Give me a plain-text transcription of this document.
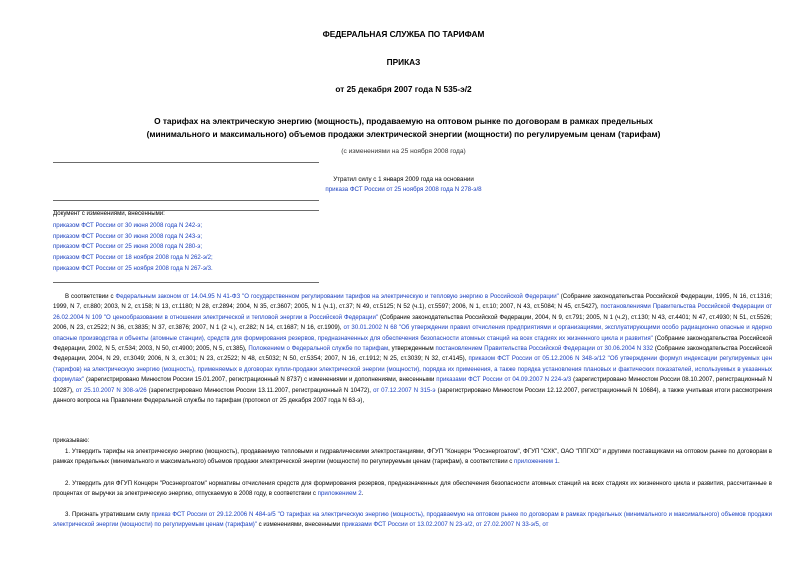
ФЕДЕРАЛЬНАЯ СЛУЖБА ПО ТАРИФАМ
ПРИКАЗ
от 25 декабря 2007 года N 535-э/2
О тарифах на электрическую энергию (мощность), продаваемую на оптовом рынке по договорам в рамках предельных
(минимального и максимального) объемов продажи электрической энергии (мощности) по регулируемым ценам (тарифам)
(с изменениями на 25 ноября 2008 года)
Утратил силу с 1 января 2009 года на основании
приказа ФСТ России от 25 ноября 2008 года N 278-э/8
Документ с изменениями, внесенными:
приказом ФСТ России от 30 июня 2008 года N 242-э;
приказом ФСТ России от 30 июня 2008 года N 243-э;
приказом ФСТ России от 25 июня 2008 года N 280-э;
приказом ФСТ России от 18 ноября 2008 года N 262-э/2;
приказом ФСТ России от 25 ноября 2008 года N 267-э/3.
В соответствии с Федеральным законом от 14.04.95 N 41-ФЗ "О государственном регулировании тарифов на электрическую и тепловую энергию в Российской Федерации" (Собрание законодательства Российской Федерации, 1995, N 16, ст.1316; 1999, N 7, ст.880; 2003, N 2, ст.158; N 13, ст.1180; N 28, ст.2894; 2004, N 35, ст.3607; 2005, N 1 (ч.1), ст.37; N 49, ст.5125; N 52 (ч.1), ст.5597; 2006, N 1, ст.10; 2007, N 43, ст.5084; N 45, ст.5427), постановлениями Правительства Российской Федерации от 26.02.2004 N 109 "О ценообразовании в отношении электрической и тепловой энергии в Российской Федерации" (Собрание законодательства Российской Федерации, 2004, N 9, ст.791; 2005, N 1 (ч.2), ст.130; N 43, ст.4401; N 47, ст.4930; N 51, ст.5526; 2006, N 23, ст.2522; N 36, ст.3835; N 37, ст.3876; 2007, N 1 (2 ч.), ст.282; N 14, ст.1687; N 16, ст.1909), от 30.01.2002 N 68 "Об утверждении правил отчисления предприятиями и организациями, эксплуатирующими особо радиационно опасные и ядерно опасные производства и объекты (атомные станции), средств для формирования резервов, предназначенных для обеспечения безопасности атомных станций на всех стадиях их жизненного цикла и развития" (Собрание законодательства Российской Федерации, 2002, N 5, ст.534; 2003, N 50, ст.4900; 2005, N 5, ст.385), Положением о Федеральной службе по тарифам, утвержденным постановлением Правительства Российской Федерации от 30.06.2004 N 332 (Собрание законодательства Российской Федерации, 2004, N 29, ст.3049; 2006, N 3, ст.301; N 23, ст.2522; N 48, ст.5032; N 50, ст.5354; 2007, N 16, ст.1912; N 25, ст.3039; N 32, ст.4145), приказом ФСТ России от 05.12.2006 N 348-э/12 "Об утверждении формул индексации регулируемых цен (тарифов) на электрическую энергию (мощность), применяемых в договорах купли-продажи электрической энергии (мощности), порядка их применения, а также порядка установления плановых и фактических показателей, используемых в указанных формулах" (зарегистрировано Минюстом России 15.01.2007, регистрационный N 8737) с изменениями и дополнениями, внесенными приказами ФСТ России от 04.09.2007 N 224-э/3 (зарегистрировано Минюстом России 08.10.2007, регистрационный N 10287), от 25.10.2007 N 308-э/26 (зарегистрировано Минюстом России 13.11.2007, регистрационный N 10472), от 07.12.2007 N 315-э (зарегистрировано Минюстом России 12.12.2007, регистрационный N 10684), а также учитывая итоги рассмотрения данного вопроса на Правлении Федеральной службы по тарифам (протокол от 25 декабря 2007 года N 63-э),
приказываю:
1. Утвердить тарифы на электрическую энергию (мощность), продаваемую тепловыми и гидравлическими электростанциями, ФГУП "Концерн "Росэнергоатом", ФГУП "СХК", ОАО "ППГХО" и другими поставщиками на оптовом рынке по договорам в рамках предельных (минимального и максимального) объемов продажи электрической энергии (мощности) по регулируемым ценам (тарифам), в соответствии с приложением 1.
2. Утвердить для ФГУП Концерн "Росэнергоатом" нормативы отчисления средств для формирования резервов, предназначенных для обеспечения безопасности атомных станций на всех стадиях их жизненного цикла и развития, рассчитанные в процентах от выручки за электрическую энергию, отпускаемую в 2008 году, в соответствии с приложением 2.
3. Признать утратившим силу приказ ФСТ России от 29.12.2006 N 484-э/5 "О тарифах на электрическую энергию (мощность), продаваемую на оптовом рынке по договорам в рамках предельных (минимального и максимального) объемов продажи электрической энергии (мощности) по регулируемым ценам (тарифам)" с изменениями, внесенными приказами ФСТ России от 13.02.2007 N 23-э/2, от 27.02.2007 N 33-э/5, от
